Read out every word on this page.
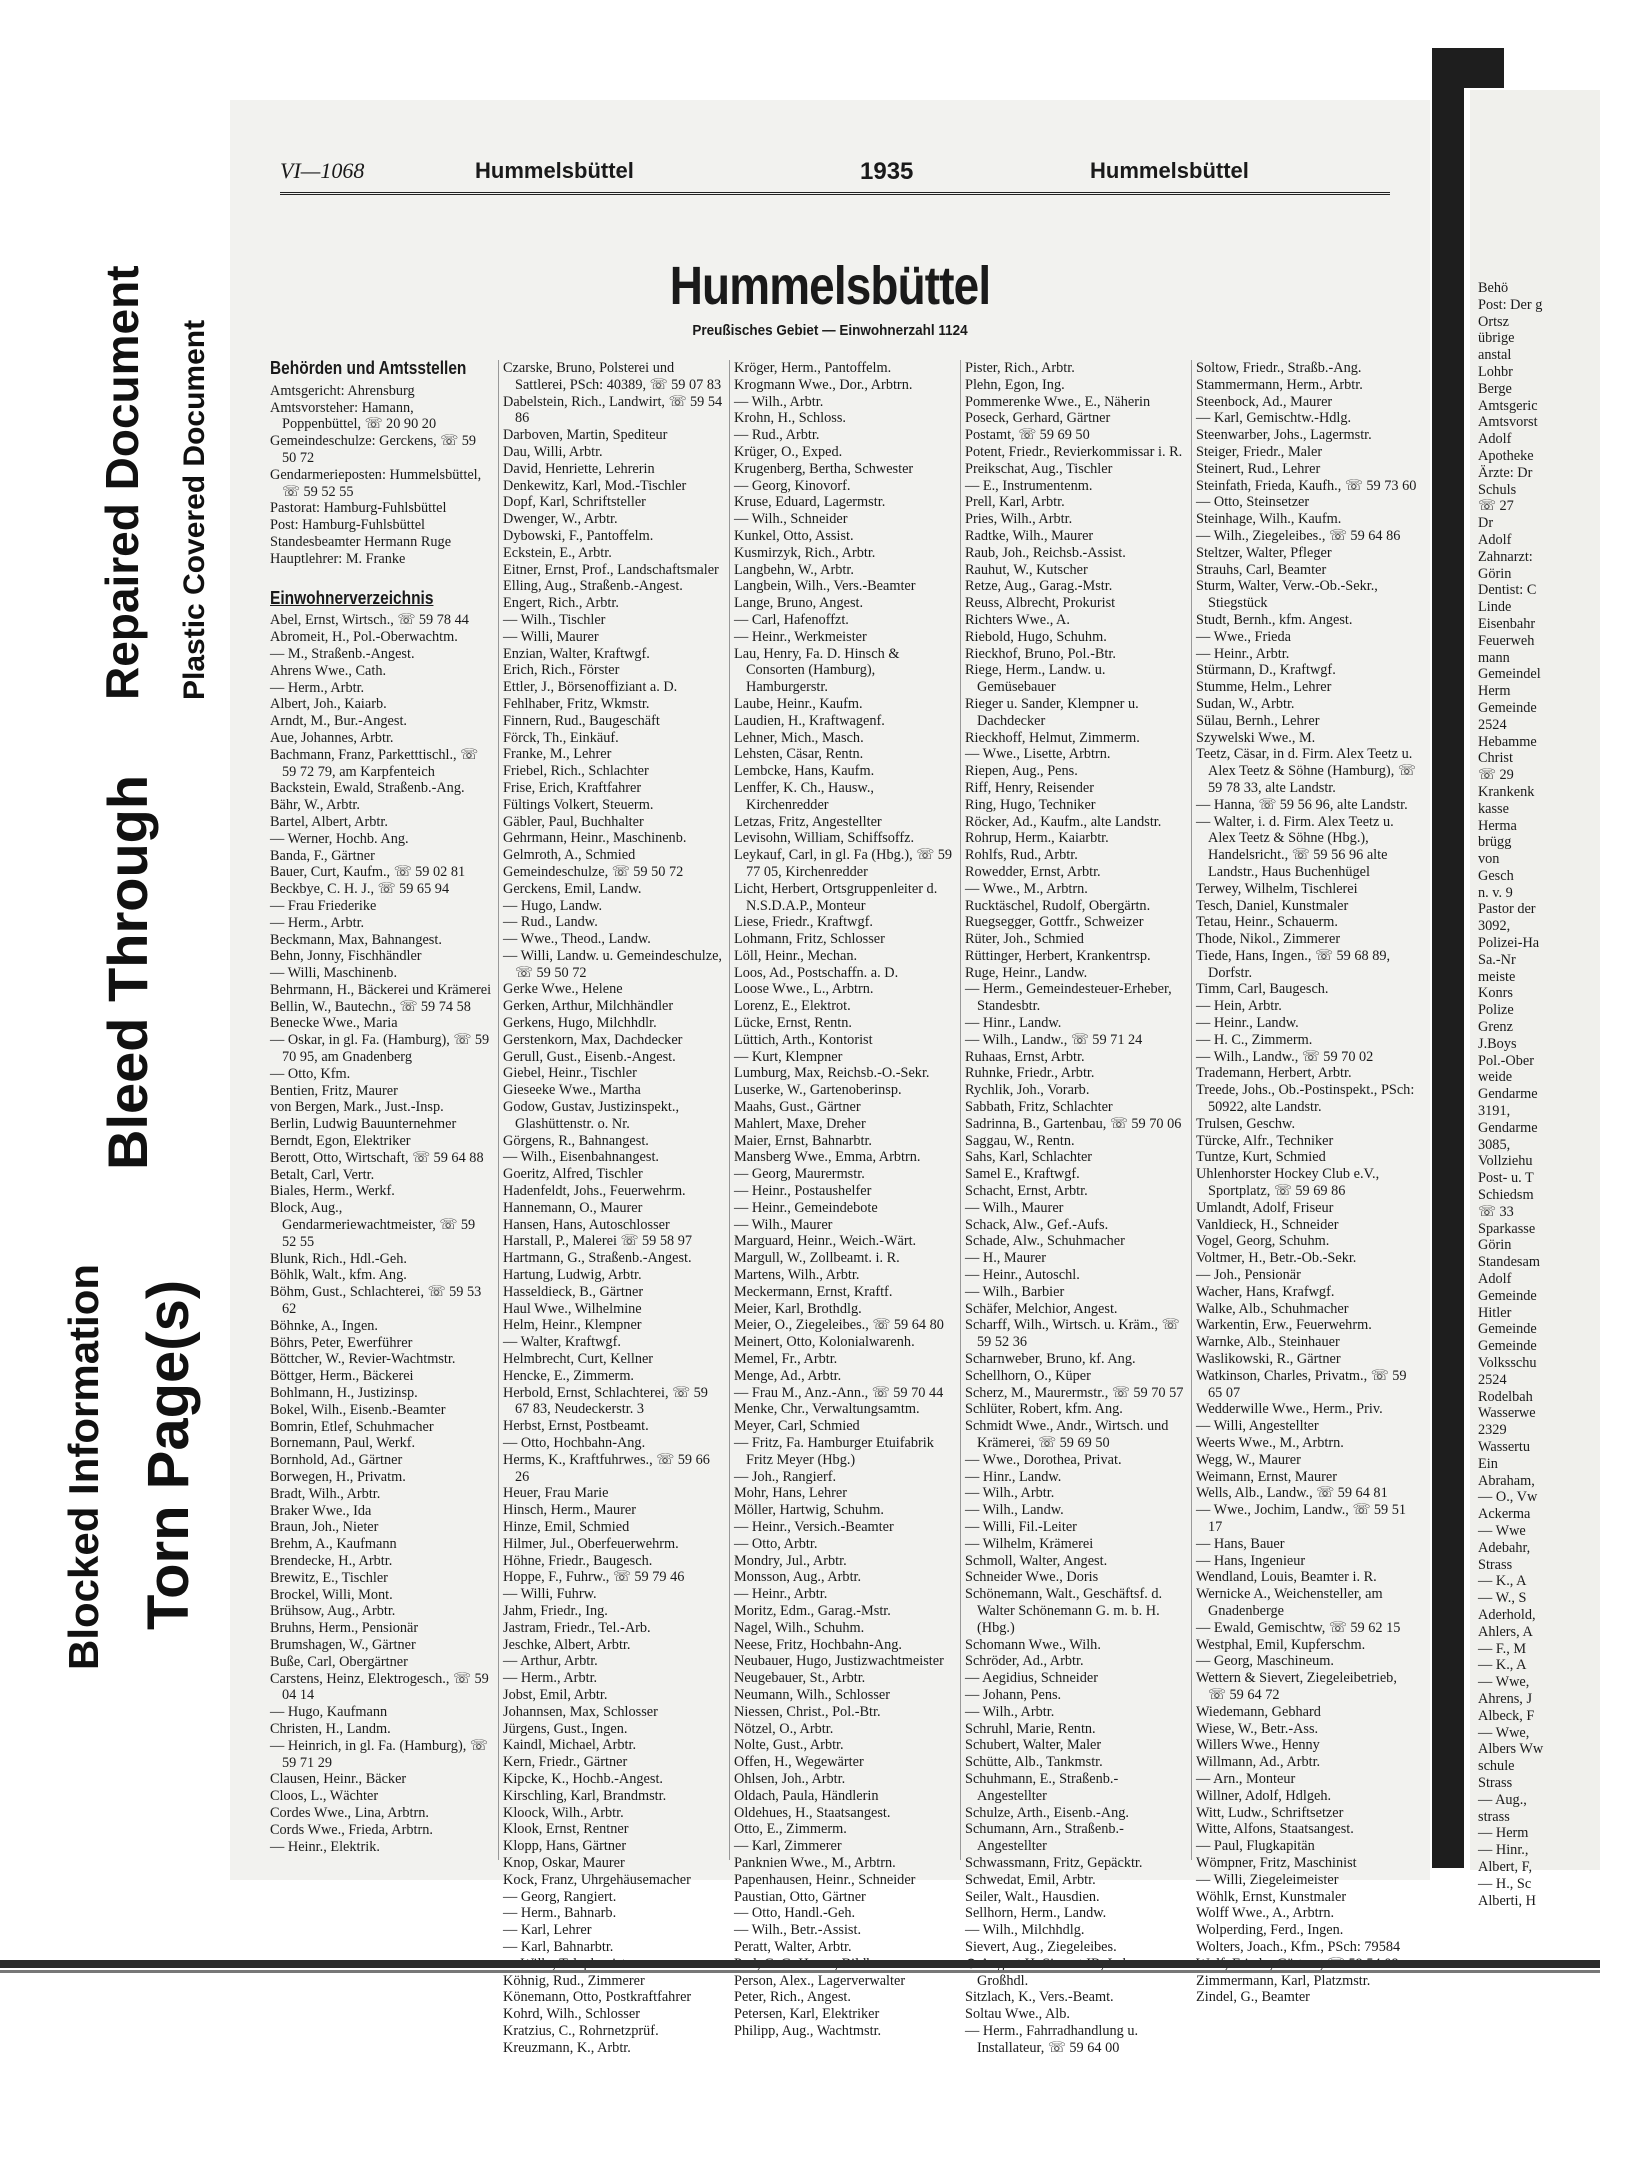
Blocked Information
Bleed Through
Repaired Document
Torn Page(s)
Plastic Covered Document
VI—1068	Hummelsbüttel	1935	Hummelsbüttel
Hummelsbüttel
Preußisches Gebiet — Einwohnerzahl 1124
Behörden und Amtsstellen

Amtsgericht: Ahrensburg

Amtsvorsteher: Hamann, Poppenbüttel, ☏ 20 90 20

Gemeindeschulze: Gerckens, ☏ 59 50 72

Gendarmerieposten: Hummelsbüttel, ☏ 59 52 55

Pastorat: Hamburg-Fuhlsbüttel

Post: Hamburg-Fuhlsbüttel

Standesbeamter Hermann Ruge

Hauptlehrer: M. Franke

Einwohnerverzeichnis

Abel, Ernst, Wirtsch., ☏ 59 78 44

Abromeit, H., Pol.-Oberwachtm.

— M., Straßenb.-Angest.

Ahrens Wwe., Cath.

— Herm., Arbtr.

Albert, Joh., Kaiarb.

Arndt, M., Bur.-Angest.

Aue, Johannes, Arbtr.

Bachmann, Franz, Parketttischl., ☏ 59 72 79, am Karpfenteich

Backstein, Ewald, Straßenb.-Ang.

Bähr, W., Arbtr.

Bartel, Albert, Arbtr.

— Werner, Hochb. Ang.

Banda, F., Gärtner

Bauer, Curt, Kaufm., ☏ 59 02 81

Beckbye, C. H. J., ☏ 59 65 94

— Frau Friederike

— Herm., Arbtr.

Beckmann, Max, Bahnangest.

Behn, Jonny, Fischhändler

— Willi, Maschinenb.

Behrmann, H., Bäckerei und Krämerei

Bellin, W., Bautechn., ☏ 59 74 58

Benecke Wwe., Maria

— Oskar, in gl. Fa. (Hamburg), ☏ 59 70 95, am Gnadenberg

— Otto, Kfm.

Bentien, Fritz, Maurer

von Bergen, Mark., Just.-Insp.

Berlin, Ludwig Bauunternehmer

Berndt, Egon, Elektriker

Berott, Otto, Wirtschaft, ☏ 59 64 88

Betalt, Carl, Vertr.

Biales, Herm., Werkf.

Block, Aug., Gendarmeriewachtmeister, ☏ 59 52 55

Blunk, Rich., Hdl.-Geh.

Böhlk, Walt., kfm. Ang.

Böhm, Gust., Schlachterei, ☏ 59 53 62

Böhnke, A., Ingen.

Böhrs, Peter, Ewerführer

Böttcher, W., Revier-Wachtmstr.

Böttger, Herm., Bäckerei

Bohlmann, H., Justizinsp.

Bokel, Wilh., Eisenb.-Beamter

Bomrin, Etlef, Schuhmacher

Bornemann, Paul, Werkf.

Bornhold, Ad., Gärtner

Borwegen, H., Privatm.

Bradt, Wilh., Arbtr.

Braker Wwe., Ida

Braun, Joh., Nieter

Brehm, A., Kaufmann

Brendecke, H., Arbtr.

Brewitz, E., Tischler

Brockel, Willi, Mont.

Brühsow, Aug., Arbtr.

Bruhns, Herm., Pensionär

Brumshagen, W., Gärtner

Buße, Carl, Obergärtner

Carstens, Heinz, Elektrogesch., ☏ 59 04 14

— Hugo, Kaufmann

Christen, H., Landm.

— Heinrich, in gl. Fa. (Hamburg), ☏ 59 71 29

Clausen, Heinr., Bäcker

Cloos, L., Wächter

Cordes Wwe., Lina, Arbtrn.

Cords Wwe., Frieda, Arbtrn.

— Heinr., Elektrik.

Czarske, Bruno, Polsterei und Sattlerei, PSch: 40389, ☏ 59 07 83

Dabelstein, Rich., Landwirt, ☏ 59 54 86

Darboven, Martin, Spediteur

Dau, Willi, Arbtr.

David, Henriette, Lehrerin

Denkewitz, Karl, Mod.-Tischler

Dopf, Karl, Schriftsteller

Dwenger, W., Arbtr.

Dybowski, F., Pantoffelm.

Eckstein, E., Arbtr.

Eitner, Ernst, Prof., Landschaftsmaler

Elling, Aug., Straßenb.-Angest.

Engert, Rich., Arbtr.

— Wilh., Tischler

— Willi, Maurer

Enzian, Walter, Kraftwgf.

Erich, Rich., Förster

Ettler, J., Börsenoffiziant a. D.

Fehlhaber, Fritz, Wkmstr.

Finnern, Rud., Baugeschäft

Förck, Th., Einkäuf.

Franke, M., Lehrer

Friebel, Rich., Schlachter

Frise, Erich, Kraftfahrer

Fültings Volkert, Steuerm.

Gäbler, Paul, Buchhalter

Gehrmann, Heinr., Maschinenb.

Gelmroth, A., Schmied

Gemeindeschulze, ☏ 59 50 72

Gerckens, Emil, Landw.

— Hugo, Landw.

— Rud., Landw.

— Wwe., Theod., Landw.

— Willi, Landw. u. Gemeindeschulze, ☏ 59 50 72

Gerke Wwe., Helene

Gerken, Arthur, Milchhändler

Gerkens, Hugo, Milchhdlr.

Gerstenkorn, Max, Dachdecker

Gerull, Gust., Eisenb.-Angest.

Giebel, Heinr., Tischler

Gieseeke Wwe., Martha

Godow, Gustav, Justizinspekt., Glashüttenstr. o. Nr.

Görgens, R., Bahnangest.

— Wilh., Eisenbahnangest.

Goeritz, Alfred, Tischler

Hadenfeldt, Johs., Feuerwehrm.

Hannemann, O., Maurer

Hansen, Hans, Autoschlosser

Harstall, P., Malerei ☏ 59 58 97

Hartmann, G., Straßenb.-Angest.

Hartung, Ludwig, Arbtr.

Hasseldieck, B., Gärtner

Haul Wwe., Wilhelmine

Helm, Heinr., Klempner

— Walter, Kraftwgf.

Helmbrecht, Curt, Kellner

Hencke, E., Zimmerm.

Herbold, Ernst, Schlachterei, ☏ 59 67 83, Neudeckerstr. 3

Herbst, Ernst, Postbeamt.

— Otto, Hochbahn-Ang.

Herms, K., Kraftfuhrwes., ☏ 59 66 26

Heuer, Frau Marie

Hinsch, Herm., Maurer

Hinze, Emil, Schmied

Hilmer, Jul., Oberfeuerwehrm.

Höhne, Friedr., Baugesch.

Hoppe, F., Fuhrw., ☏ 59 79 46

— Willi, Fuhrw.

Jahm, Friedr., Ing.

Jastram, Friedr., Tel.-Arb.

Jeschke, Albert, Arbtr.

— Arthur, Arbtr.

— Herm., Arbtr.

Jobst, Emil, Arbtr.

Johannsen, Max, Schlosser

Jürgens, Gust., Ingen.

Kaindl, Michael, Arbtr.

Kern, Friedr., Gärtner

Kipcke, K., Hochb.-Angest.

Kirschling, Karl, Brandmstr.

Kloock, Wilh., Arbtr.

Klook, Ernst, Rentner

Klopp, Hans, Gärtner

Knop, Oskar, Maurer

Kock, Franz, Uhrgehäusemacher

— Georg, Rangiert.

— Herm., Bahnarb.

— Karl, Lehrer

— Karl, Bahnarbtr.

Köhnig, Rud., Zimmerer

Könemann, Otto, Postkraftfahrer

Kohrd, Wilh., Schlosser

Kratzius, C., Rohrnetzprüf.

Kreuzmann, K., Arbtr.

Kröger, Herm., Pantoffelm.

Krogmann Wwe., Dor., Arbtrn.

— Wilh., Arbtr.

Krohn, H., Schloss.

— Rud., Arbtr.

Krüger, O., Exped.

Krugenberg, Bertha, Schwester

— Georg, Kinovorf.

Kruse, Eduard, Lagermstr.

— Wilh., Schneider

Kunkel, Otto, Assist.

Kusmirzyk, Rich., Arbtr.

Langbehn, W., Arbtr.

Langbein, Wilh., Vers.-Beamter

Lange, Bruno, Angest.

— Carl, Hafenoffzt.

— Heinr., Werkmeister

Lau, Henry, Fa. D. Hinsch & Consorten (Hamburg), Hamburgerstr.

Laube, Heinr., Kaufm.

Laudien, H., Kraftwagenf.

Lehner, Mich., Masch.

Lehsten, Cäsar, Rentn.

Lembcke, Hans, Kaufm.

Lenffer, K. Ch., Hausw., Kirchenredder

Letzas, Fritz, Angestellter

Levisohn, William, Schiffsoffz.

Leykauf, Carl, in gl. Fa (Hbg.), ☏ 59 77 05, Kirchenredder

Licht, Herbert, Ortsgruppenleiter d. N.S.D.A.P., Monteur

Liese, Friedr., Kraftwgf.

Lohmann, Fritz, Schlosser

Löll, Heinr., Mechan.

Loos, Ad., Postschaffn. a. D.

Loose Wwe., L., Arbtrn.

Lorenz, E., Elektrot.

Lücke, Ernst, Rentn.

Lüttich, Arth., Kontorist

— Kurt, Klempner

Lumburg, Max, Reichsb.-O.-Sekr.

Luserke, W., Gartenoberinsp.

Maahs, Gust., Gärtner

Mahlert, Maxe, Dreher

Maier, Ernst, Bahnarbtr.

Mansberg Wwe., Emma, Arbtrn.

— Georg, Maurermstr.

— Heinr., Postaushelfer

— Heinr., Gemeindebote

— Wilh., Maurer

Marguard, Heinr., Weich.-Wärt.

Margull, W., Zollbeamt. i. R.

Martens, Wilh., Arbtr.

Meckermann, Ernst, Kraftf.

Meier, Karl, Brothdlg.

Meier, O., Ziegeleibes., ☏ 59 64 80

Meinert, Otto, Kolonialwarenh.

Memel, Fr., Arbtr.

Menge, Ad., Arbtr.

— Frau M., Anz.-Ann., ☏ 59 70 44

Menke, Chr., Verwaltungsamtm.

Meyer, Carl, Schmied

— Fritz, Fa. Hamburger Etuifabrik Fritz Meyer (Hbg.)

— Joh., Rangierf.

Mohr, Hans, Lehrer

Möller, Hartwig, Schuhm.

— Heinr., Versich.-Beamter

— Otto, Arbtr.

Mondry, Jul., Arbtr.

Monsson, Aug., Arbtr.

— Heinr., Arbtr.

Moritz, Edm., Garag.-Mstr.

Nagel, Wilh., Schuhm.

Neese, Fritz, Hochbahn-Ang.

Neubauer, Hugo, Justizwachtmeister

Neugebauer, St., Arbtr.

Neumann, Wilh., Schlosser

Niessen, Christ., Pol.-Btr.

Nötzel, O., Arbtr.

Nolte, Gust., Arbtr.

Offen, H., Wegewärter

Ohlsen, Joh., Arbtr.

Oldach, Paula, Händlerin

Oldehues, H., Staatsangest.

Otto, E., Zimmerm.

— Karl, Zimmerer

Panknien Wwe., M., Arbtrn.

Papenhausen, Heinr., Schneider

Paustian, Otto, Gärtner

— Otto, Handl.-Geh.

— Wilh., Betr.-Assist.

Peratt, Walter, Arbtr.

Person, Alex., Lagerverwalter

Peter, Rich., Angest.

Petersen, Karl, Elektriker

Philipp, Aug., Wachtmstr.

Pister, Rich., Arbtr.

Plehn, Egon, Ing.

Pommerenke Wwe., E., Näherin

Poseck, Gerhard, Gärtner

Postamt, ☏ 59 69 50

Potent, Friedr., Revierkommissar i. R.

Preikschat, Aug., Tischler

— E., Instrumentenm.

Prell, Karl, Arbtr.

Pries, Wilh., Arbtr.

Radtke, Wilh., Maurer

Raub, Joh., Reichsb.-Assist.

Rauhut, W., Kutscher

Retze, Aug., Garag.-Mstr.

Reuss, Albrecht, Prokurist

Richters Wwe., A.

Riebold, Hugo, Schuhm.

Rieckhof, Bruno, Pol.-Btr.

Riege, Herm., Landw. u. Gemüsebauer

Rieger u. Sander, Klempner u. Dachdecker

Rieckhoff, Helmut, Zimmerm.

— Wwe., Lisette, Arbtrn.

Riepen, Aug., Pens.

Riff, Henry, Reisender

Ring, Hugo, Techniker

Röcker, Ad., Kaufm., alte Landstr.

Rohrup, Herm., Kaiarbtr.

Rohlfs, Rud., Arbtr.

Rowedder, Ernst, Arbtr.

— Wwe., M., Arbtrn.

Rucktäschel, Rudolf, Obergärtn.

Ruegsegger, Gottfr., Schweizer

Rüter, Joh., Schmied

Rüttinger, Herbert, Krankentrsp.

Ruge, Heinr., Landw.

— Herm., Gemeindesteuer-Erheber, Standesbtr.

— Hinr., Landw.

— Wilh., Landw., ☏ 59 71 24

Ruhaas, Ernst, Arbtr.

Ruhnke, Friedr., Arbtr.

Rychlik, Joh., Vorarb.

Sabbath, Fritz, Schlachter

Sadrinna, B., Gartenbau, ☏ 59 70 06

Saggau, W., Rentn.

Sahs, Karl, Schlachter

Samel E., Kraftwgf.

Schacht, Ernst, Arbtr.

— Wilh., Maurer

Schack, Alw., Gef.-Aufs.

Schade, Alw., Schuhmacher

— H., Maurer

— Heinr., Autoschl.

— Wilh., Barbier

Schäfer, Melchior, Angest.

Scharff, Wilh., Wirtsch. u. Kräm., ☏ 59 52 36

Scharnweber, Bruno, kf. Ang.

Schellhorn, O., Küper

Scherz, M., Maurermstr., ☏ 59 70 57

Schlüter, Robert, kfm. Ang.

Schmidt Wwe., Andr., Wirtsch. und Krämerei, ☏ 59 69 50

— Wwe., Dorothea, Privat.

— Hinr., Landw.

— Wilh., Arbtr.

— Wilh., Landw.

— Willi, Fil.-Leiter

— Wilhelm, Krämerei

Schmoll, Walter, Angest.

Schneider Wwe., Doris

Schönemann, Walt., Geschäftsf. d. Walter Schönemann G. m. b. H. (Hbg.)

Schomann Wwe., Wilh.

Schröder, Ad., Arbtr.

— Aegidius, Schneider

— Johann, Pens.

— Wilh., Arbtr.

Schruhl, Marie, Rentn.

Schubert, Walter, Maler

Schütte, Alb., Tankmstr.

Schuhmann, E., Straßenb.-Angestellter

Schulze, Arth., Eisenb.-Ang.

Schumann, Arn., Straßenb.-Angestellter

Schwassmann, Fritz, Gepäcktr.

Schwedat, Emil, Arbtr.

Seiler, Walt., Hausdien.

Sellhorn, Herm., Landw.

— Wilh., Milchhdlg.

Sievert, Aug., Ziegeleibes.

Großhdl.

Sitzlach, K., Vers.-Beamt.

Soltau Wwe., Alb.

— Herm., Fahrradhandlung u. Installateur, ☏ 59 64 00

Soltow, Friedr., Straßb.-Ang.

Stammermann, Herm., Arbtr.

Steenbock, Ad., Maurer

— Karl, Gemischtw.-Hdlg.

Steenwarber, Johs., Lagermstr.

Steiger, Friedr., Maler

Steinert, Rud., Lehrer

Steinfath, Frieda, Kaufh., ☏ 59 73 60

— Otto, Steinsetzer

Steinhage, Wilh., Kaufm.

— Wilh., Ziegeleibes., ☏ 59 64 86

Steltzer, Walter, Pfleger

Strauhs, Carl, Beamter

Sturm, Walter, Verw.-Ob.-Sekr., Stiegstück

Studt, Bernh., kfm. Angest.

— Wwe., Frieda

— Heinr., Arbtr.

Stürmann, D., Kraftwgf.

Stumme, Helm., Lehrer

Sudan, W., Arbtr.

Sülau, Bernh., Lehrer

Szywelski Wwe., M.

Teetz, Cäsar, in d. Firm. Alex Teetz u. Alex Teetz & Söhne (Hamburg), ☏ 59 78 33, alte Landstr.

— Hanna, ☏ 59 56 96, alte Landstr.

— Walter, i. d. Firm. Alex Teetz u. Alex Teetz & Söhne (Hbg.), Handelsricht., ☏ 59 56 96 alte Landstr., Haus Buchenhügel

Terwey, Wilhelm, Tischlerei

Tesch, Daniel, Kunstmaler

Tetau, Heinr., Schauerm.

Thode, Nikol., Zimmerer

Tiede, Hans, Ingen., ☏ 59 68 89, Dorfstr.

Timm, Carl, Baugesch.

— Hein, Arbtr.

— Heinr., Landw.

— H. C., Zimmerm.

— Wilh., Landw., ☏ 59 70 02

Trademann, Herbert, Arbtr.

Treede, Johs., Ob.-Postinspekt., PSch: 50922, alte Landstr.

Trulsen, Geschw.

Türcke, Alfr., Techniker

Tuntze, Kurt, Schmied

Uhlenhorster Hockey Club e.V., Sportplatz, ☏ 59 69 86

Umlandt, Adolf, Friseur

Vanldieck, H., Schneider

Vogel, Georg, Schuhm.

Voltmer, H., Betr.-Ob.-Sekr.

— Joh., Pensionär

Wacher, Hans, Krafwgf.

Walke, Alb., Schuhmacher

Warkentin, Erw., Feuerwehrm.

Warnke, Alb., Steinhauer

Waslikowski, R., Gärtner

Watkinson, Charles, Privatm., ☏ 59 65 07

Wedderwille Wwe., Herm., Priv.

— Willi, Angestellter

Weerts Wwe., M., Arbtrn.

Wegg, W., Maurer

Weimann, Ernst, Maurer

Wells, Alb., Landw., ☏ 59 64 81

— Wwe., Jochim, Landw., ☏ 59 51 17

— Hans, Bauer

— Hans, Ingenieur

Wendland, Louis, Beamter i. R.

Wernicke A., Weichensteller, am Gnadenberge

— Ewald, Gemischtw, ☏ 59 62 15

Westphal, Emil, Kupferschm.

— Georg, Maschineum.

Wettern & Sievert, Ziegeleibetrieb, ☏ 59 64 72

Wiedemann, Gebhard

Wiese, W., Betr.-Ass.

Willers Wwe., Henny

Willmann, Ad., Arbtr.

— Arn., Monteur

Willner, Adolf, Hdlgeh.

Witt, Ludw., Schriftsetzer

Witte, Alfons, Staatsangest.

— Paul, Flugkapitän

Wömpner, Fritz, Maschinist

— Willi, Ziegeleimeister

Wöhlk, Ernst, Kunstmaler

Wolff Wwe., A., Arbtrn.

Wolperding, Ferd., Ingen.

Wolters, Joach., Kfm., PSch: 79584

Zimmermann, Karl, Platzmstr.

Zindel, G., Beamter

Behö

Post: Der g

Ortsz

übrige

anstal

Lohbr

Berge

Amtsgeric

Amtsvorst

Adolf

Apotheke

Ärzte: Dr

Schuls

☏ 27

Dr

Adolf

Zahnarzt:

Görin

Dentist: C

Linde

Eisenbahr

Feuerweh

mann

Gemeindel

Herm

Gemeinde

2524

Hebamme

Christ

☏ 29

Krankenk

kasse

Herma

brügg

von

Gesch

n. v. 9

Pastor der

3092,

Polizei-Ha

Sa.-Nr

meiste

Konrs

Polize

Grenz

J.Boys

Pol.-Ober

weide

Gendarme

3191,

Gendarme

3085,

Vollziehu

Post- u. T

Schiedsm

☏ 33

Sparkasse

Görin

Standesam

Adolf

Gemeinde

Hitler

Gemeinde

Gemeinde

Volksschu

2524

Rodelbah

Wasserwe

2329

Wassertu

Ein

Abraham,

— O., Vw

Ackerma

— Wwe

Adebahr,

Strass

— K., A

— W., S

Aderhold,

Ahlers, A

— F., M

— K., A

— Wwe,

Ahrens, J

Albeck, F

— Wwe,

Albers Ww

schule

Strass

— Aug.,

strass

— Herm

— Hinr.,

Albert, F,

— H., Sc

Alberti, H
